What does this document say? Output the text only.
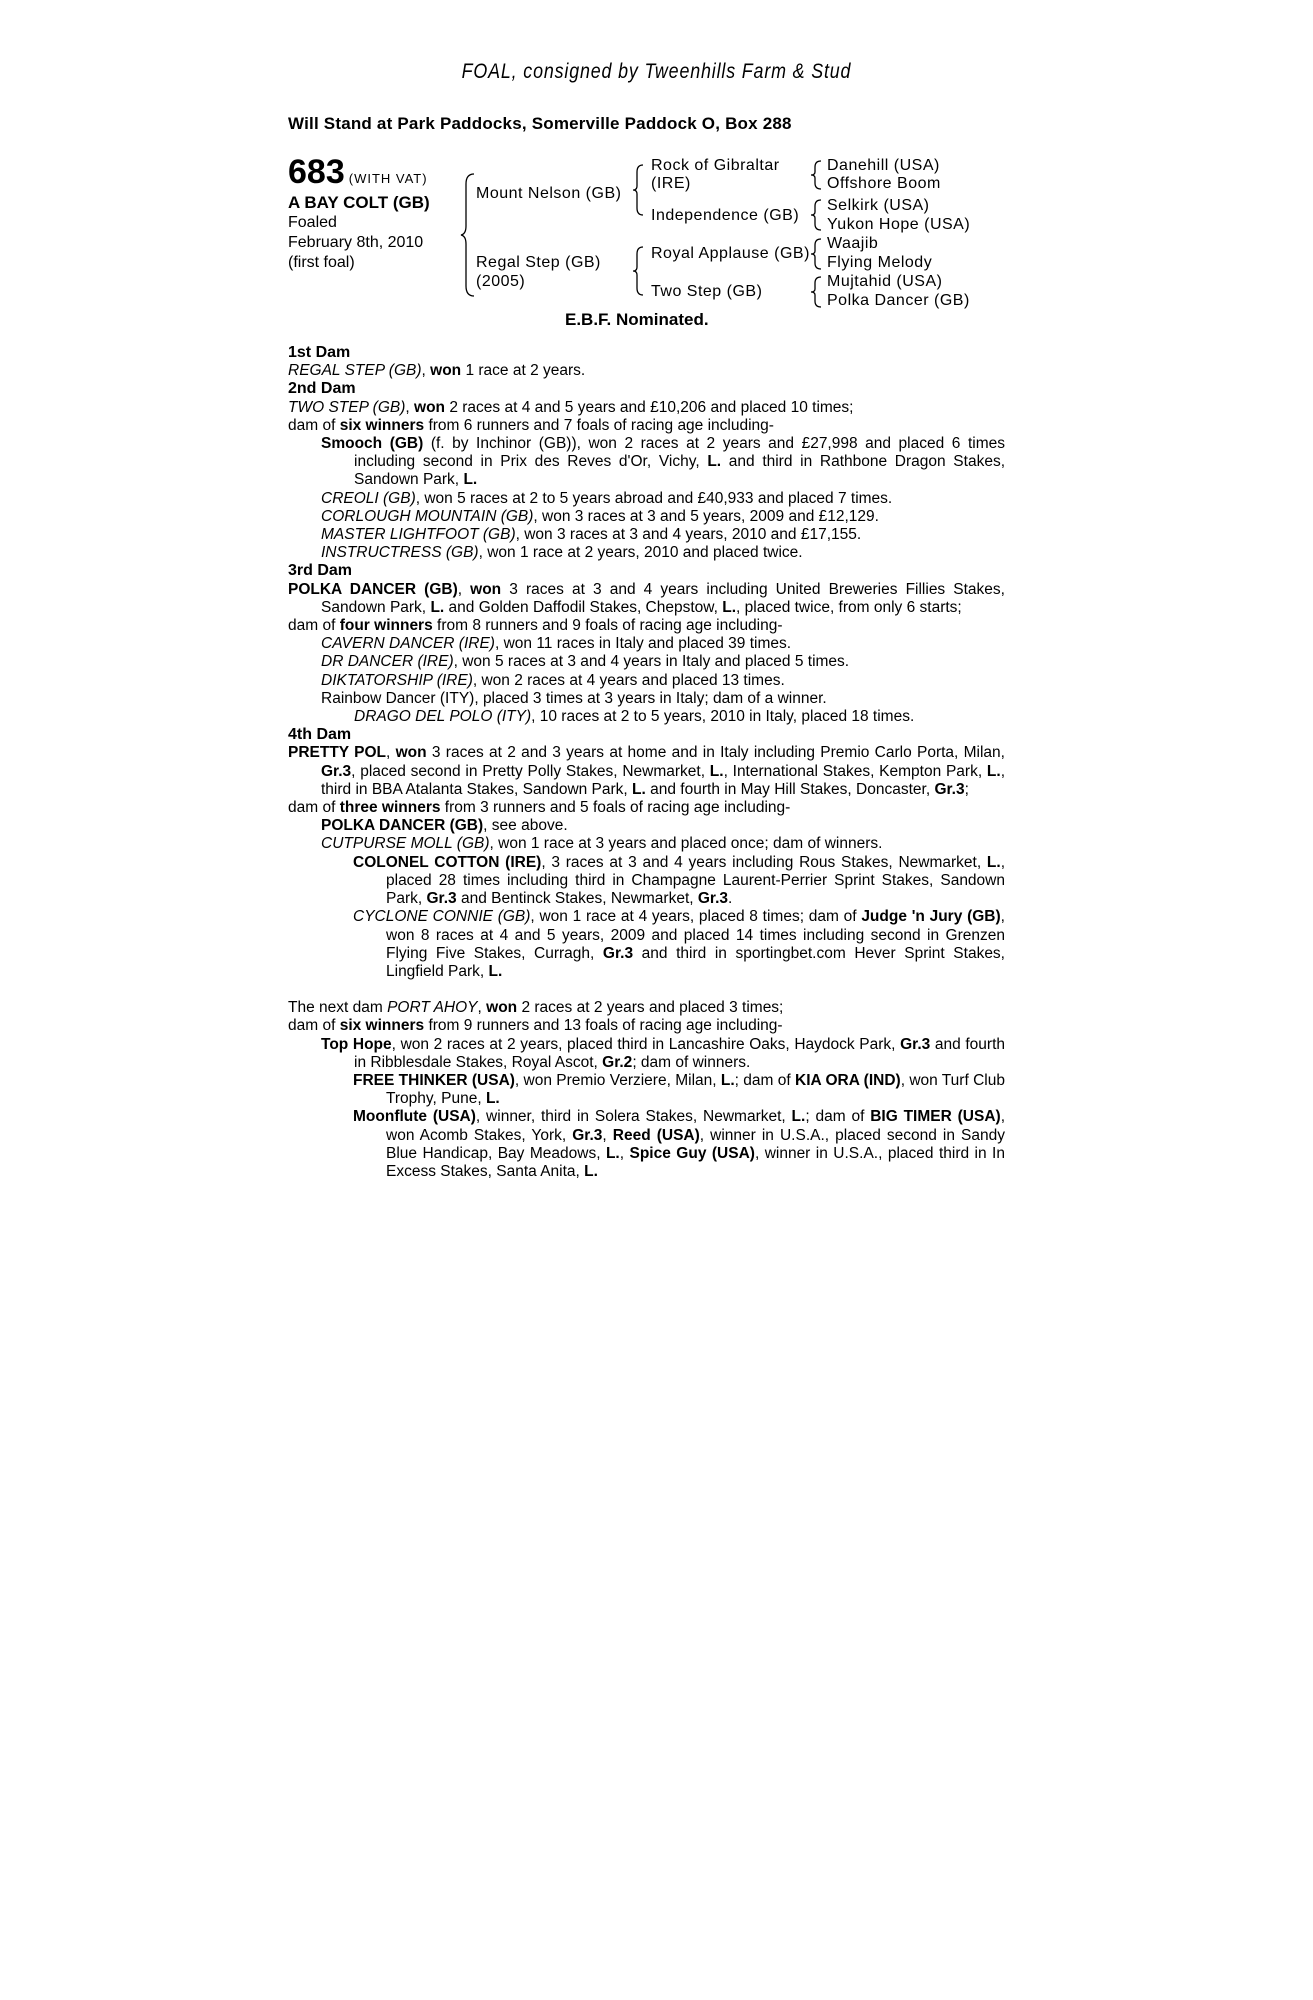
FOAL, consigned by Tweenhills Farm & Stud
Will Stand at Park Paddocks, Somerville Paddock O, Box 288
683 (WITH VAT)
A BAY COLT (GB)
Foaled
February 8th, 2010
(first foal)
Mount Nelson (GB)
Regal Step (GB)
(2005)
Rock of Gibraltar
(IRE)
Independence (GB)
Royal Applause (GB)
Two Step (GB)
Danehill (USA)
Offshore Boom
Selkirk (USA)
Yukon Hope (USA)
Waajib
Flying Melody
Mujtahid (USA)
Polka Dancer (GB)
E.B.F. Nominated.

1st Dam

REGAL STEP (GB), won 1 race at 2 years.

2nd Dam

TWO STEP (GB), won 2 races at 4 and 5 years and £10,206 and placed 10 times;

dam of six winners from 6 runners and 7 foals of racing age including-

Smooch (GB) (f. by Inchinor (GB)), won 2 races at 2 years and £27,998 and placed 6 times including second in Prix des Reves d'Or, Vichy, L. and third in Rathbone Dragon Stakes, Sandown Park, L.

CREOLI (GB), won 5 races at 2 to 5 years abroad and £40,933 and placed 7 times.

CORLOUGH MOUNTAIN (GB), won 3 races at 3 and 5 years, 2009 and £12,129.

MASTER LIGHTFOOT (GB), won 3 races at 3 and 4 years, 2010 and £17,155.

INSTRUCTRESS (GB), won 1 race at 2 years, 2010 and placed twice.

3rd Dam

POLKA DANCER (GB), won 3 races at 3 and 4 years including United Breweries Fillies Stakes, Sandown Park, L. and Golden Daffodil Stakes, Chepstow, L., placed twice, from only 6 starts;

dam of four winners from 8 runners and 9 foals of racing age including-

CAVERN DANCER (IRE), won 11 races in Italy and placed 39 times.

DR DANCER (IRE), won 5 races at 3 and 4 years in Italy and placed 5 times.

DIKTATORSHIP (IRE), won 2 races at 4 years and placed 13 times.

Rainbow Dancer (ITY), placed 3 times at 3 years in Italy; dam of a winner.

DRAGO DEL POLO (ITY), 10 races at 2 to 5 years, 2010 in Italy, placed 18 times.

4th Dam

PRETTY POL, won 3 races at 2 and 3 years at home and in Italy including Premio Carlo Porta, Milan, Gr.3, placed second in Pretty Polly Stakes, Newmarket, L., International Stakes, Kempton Park, L., third in BBA Atalanta Stakes, Sandown Park, L. and fourth in May Hill Stakes, Doncaster, Gr.3;

dam of three winners from 3 runners and 5 foals of racing age including-

POLKA DANCER (GB), see above.

CUTPURSE MOLL (GB), won 1 race at 3 years and placed once; dam of winners.

COLONEL COTTON (IRE), 3 races at 3 and 4 years including Rous Stakes, Newmarket, L., placed 28 times including third in Champagne Laurent-Perrier Sprint Stakes, Sandown Park, Gr.3 and Bentinck Stakes, Newmarket, Gr.3.

CYCLONE CONNIE (GB), won 1 race at 4 years, placed 8 times; dam of Judge 'n Jury (GB), won 8 races at 4 and 5 years, 2009 and placed 14 times including second in Grenzen Flying Five Stakes, Curragh, Gr.3 and third in sportingbet.com Hever Sprint Stakes, Lingfield Park, L.

The next dam PORT AHOY, won 2 races at 2 years and placed 3 times;

dam of six winners from 9 runners and 13 foals of racing age including-

Top Hope, won 2 races at 2 years, placed third in Lancashire Oaks, Haydock Park, Gr.3 and fourth in Ribblesdale Stakes, Royal Ascot, Gr.2; dam of winners.

FREE THINKER (USA), won Premio Verziere, Milan, L.; dam of KIA ORA (IND), won Turf Club Trophy, Pune, L.

Moonflute (USA), winner, third in Solera Stakes, Newmarket, L.; dam of BIG TIMER (USA), won Acomb Stakes, York, Gr.3, Reed (USA), winner in U.S.A., placed second in Sandy Blue Handicap, Bay Meadows, L., Spice Guy (USA), winner in U.S.A., placed third in In Excess Stakes, Santa Anita, L.
